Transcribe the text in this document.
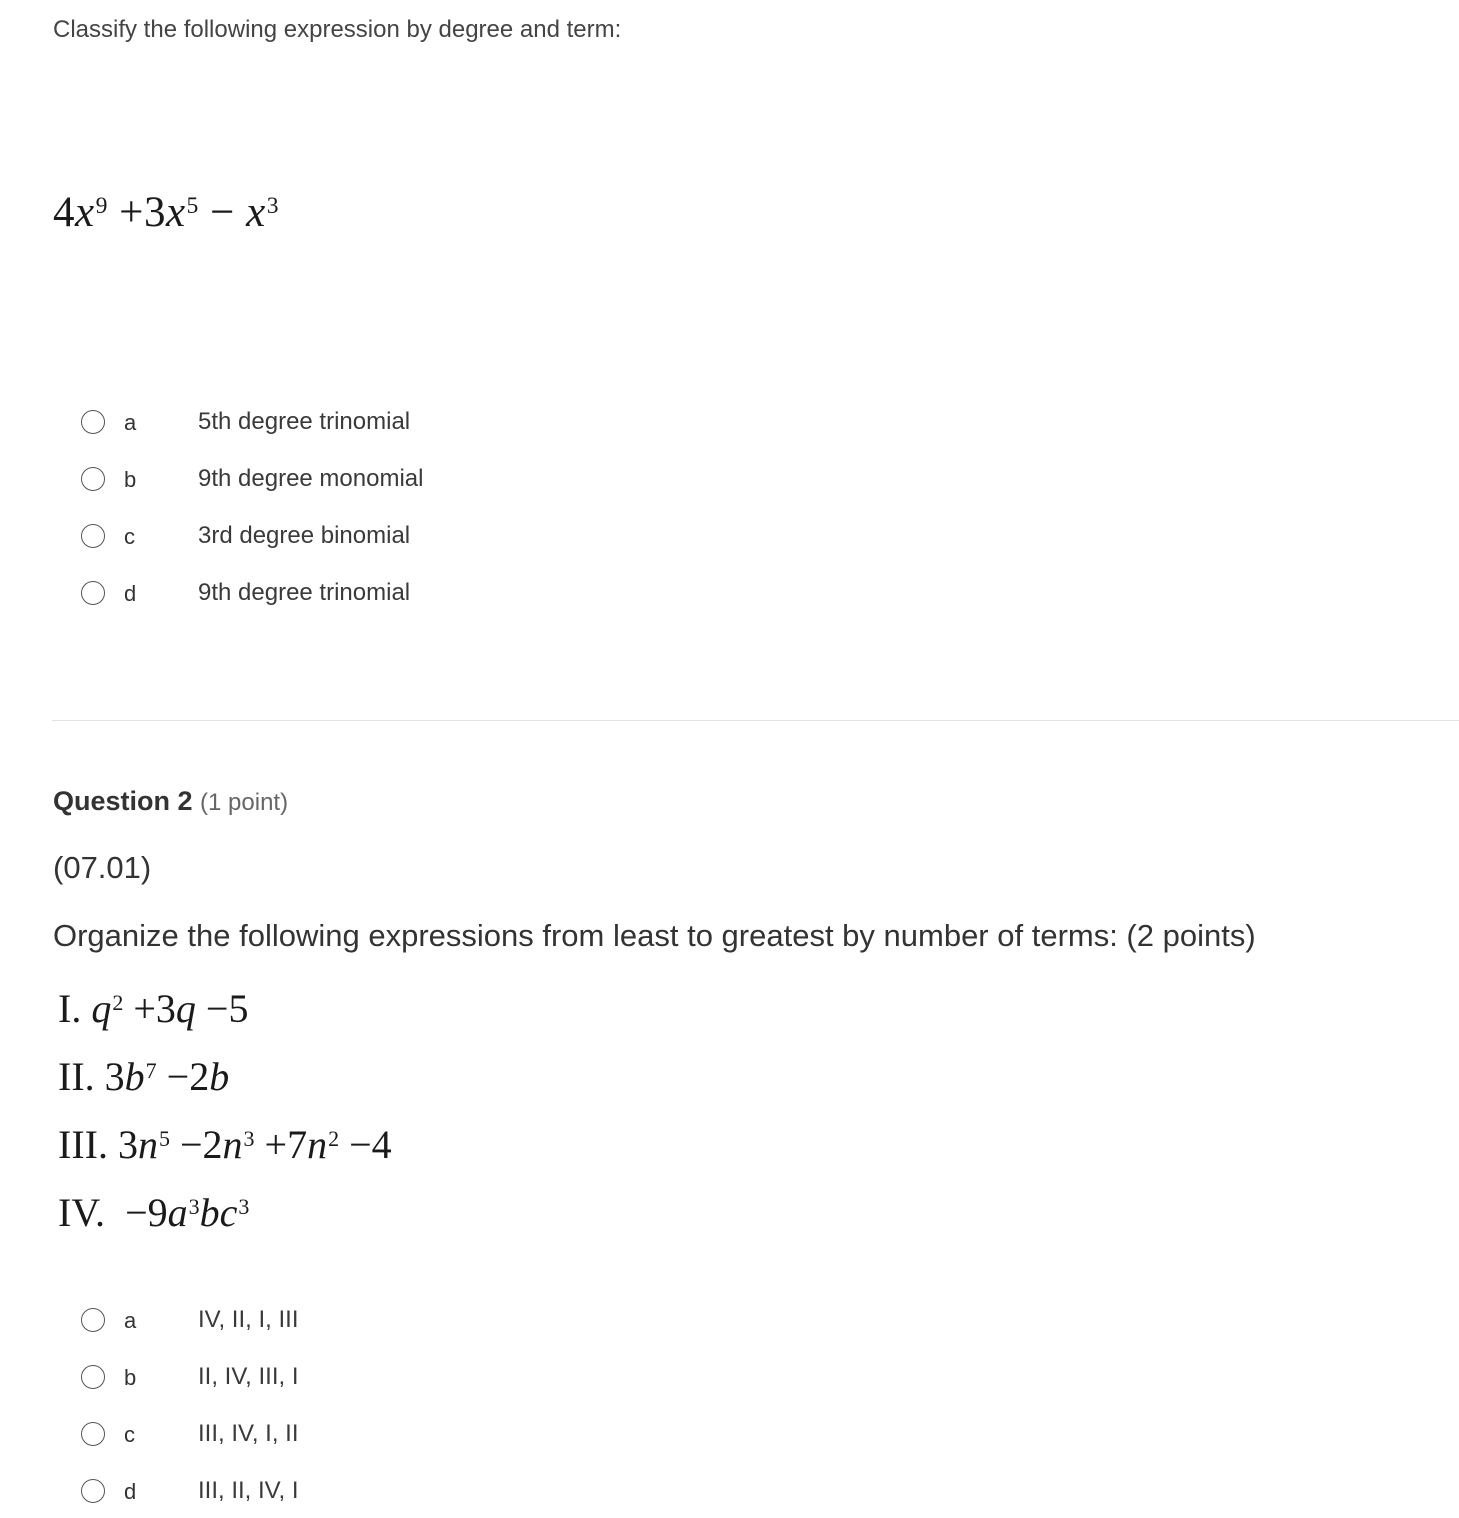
Classify the following expression by degree and term:
$4x^9 +3x^5 - x^3$
a	5th degree trinomial
b	9th degree monomial
c	3rd degree binomial
d	9th degree trinomial
Question 2 (1 point)
(07.01)
Organize the following expressions from least to greatest by number of terms: (2 points)
I. $q^2 +3q -5$
II. $3b^7 -2b$
III. $3n^5 -2n^3 +7n^2 -4$
IV. $-9a^3bc^3$
a	IV, II, I, III
b	II, IV, III, I
c	III, IV, I, II
d	III, II, IV, I
